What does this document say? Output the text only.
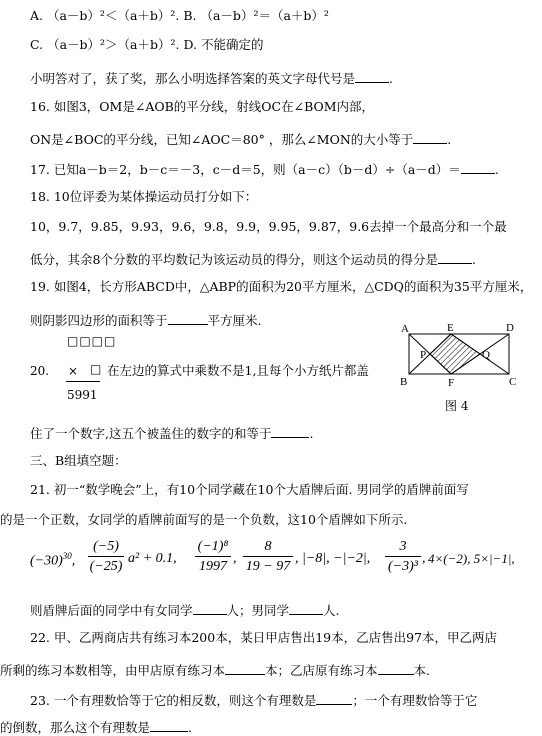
A. （a－b）²＜（a＋b）². B. （a－b）²＝（a＋b）²
C. （a－b）²＞（a＋b）². D. 不能确定的
小明答对了，获了奖，那么小明选择答案的英文字母代号是	.
16. 如图3，OM是∠AOB的平分线，射线OC在∠BOM内部，
ON是∠BOC的平分线，已知∠AOC＝80° ，那么∠MON的大小等于	.
17. 已知a－b＝2，b－c＝－3，c－d＝5，则（a－c）（b－d）÷（a－d）＝	.
18. 10位评委为某体操运动员打分如下：
10，9.7，9.85，9.93，9.6，9.8，9.9，9.95，9.87，9.6去掉一个最高分和一个最
低分，其余8个分数的平均数记为该运动员的得分，则这个运动员的得分是	.
19. 如图4，长方形ABCD中，△ABP的面积为20平方厘米，△CDQ的面积为35平方厘米，
则阴影四边形的面积等于	平方厘米.
□□□□
20. × □
5991
在左边的算式中乘数不是1,且每个小方纸片都盖
住了一个数字,这五个被盖住的数字的和等于	.
A	E	D
P	Q
B	F	C
图 4
三、B组填空题：
21. 初一“数学晚会”上，有10个同学藏在10个大盾牌后面. 男同学的盾牌前面写
的是一个正数，女同学的盾牌前面写的是一个负数，这10个盾牌如下所示.
$(-30)^{30}$,
(−5)
(−25)
a² + 0.1,
(−1)⁸
1997
,
8
19 − 97
, |−8|, −|−2|,
3
(−3)³
, 4×(−2), 5×|−1|,
则盾牌后面的同学中有女同学	人；男同学	人.
22. 甲、乙两商店共有练习本200本，某日甲店售出19本，乙店售出97本，甲乙两店
所剩的练习本数相等，由甲店原有练习本	本；乙店原有练习本	本.
23. 一个有理数恰等于它的相反数，则这个有理数是	；一个有理数恰等于它
的倒数，那么这个有理数是	.
